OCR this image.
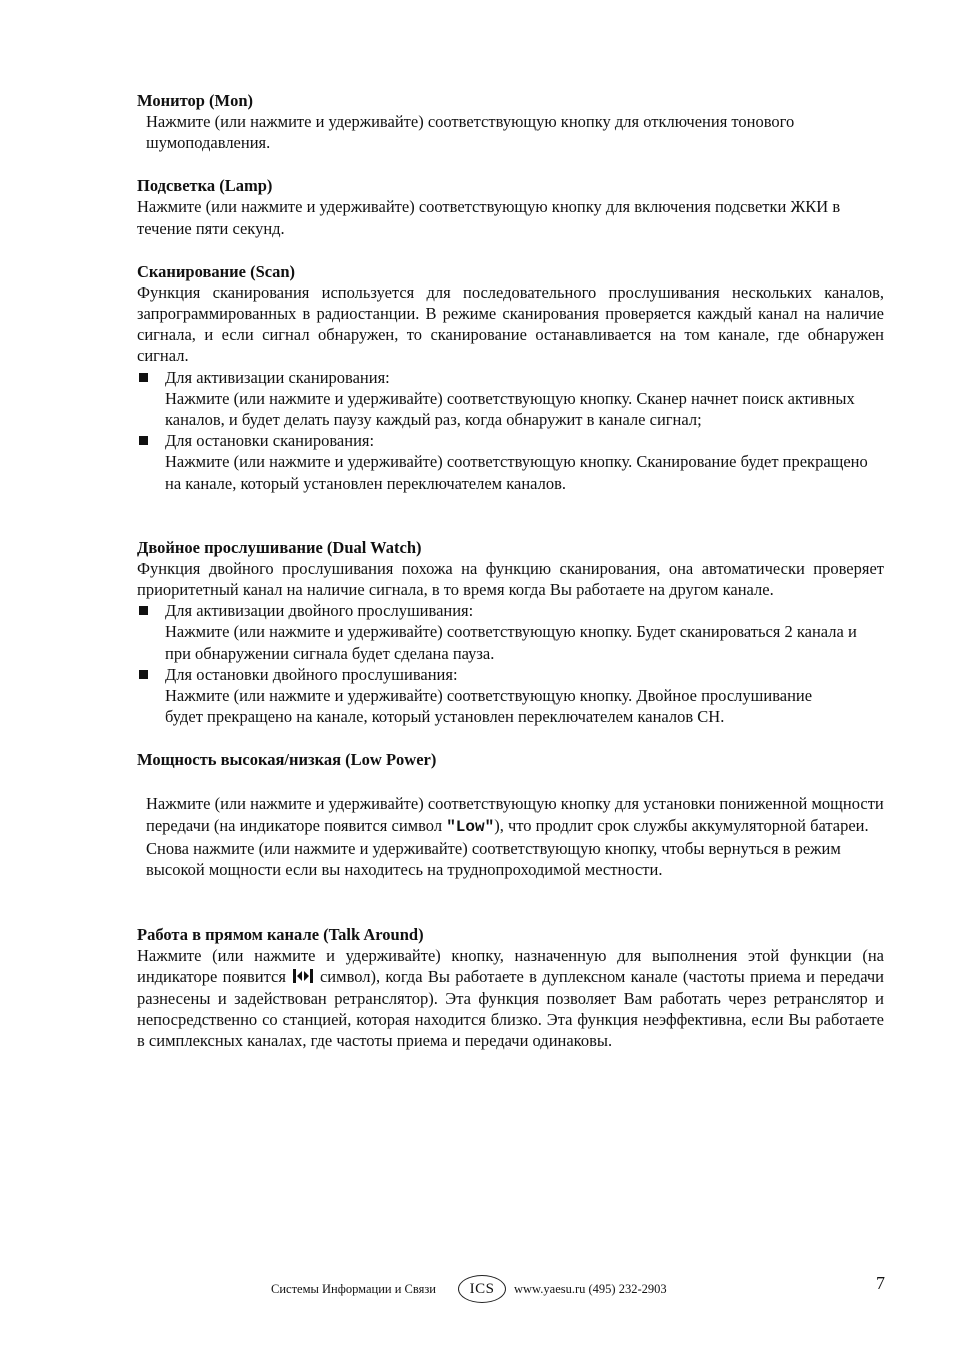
Монитор (Mon)

Нажмите (или нажмите и удерживайте) соответствующую кнопку для отключения тонового шумоподавления.

Подсветка (Lamp)

Нажмите (или нажмите и удерживайте) соответствующую кнопку для включения подсветки ЖКИ в течение пяти секунд.

Сканирование (Scan)

Функция сканирования используется для последовательного прослушивания нескольких каналов, запрограммированных в радиостанции. В режиме сканирования проверяется каждый канал на наличие сигнала, и если сигнал обнаружен, то сканирование останавливается на том канале, где обнаружен сигнал.

Для активизации сканирования:

Нажмите (или нажмите и удерживайте) соответствующую кнопку. Сканер начнет поиск активных каналов, и будет делать паузу каждый раз, когда обнаружит в канале сигнал;

Для остановки сканирования:

Нажмите (или нажмите и удерживайте) соответствующую кнопку. Сканирование будет прекращено на канале, который установлен переключателем каналов.

Двойное прослушивание (Dual Watch)

Функция двойного прослушивания похожа на функцию сканирования, она автоматически проверяет приоритетный канал на наличие сигнала, в то время когда Вы работаете на другом канале.

Для активизации двойного прослушивания:

Нажмите (или нажмите и удерживайте) соответствующую кнопку. Будет сканироваться 2 канала и при обнаружении сигнала будет сделана пауза.

Для остановки двойного прослушивания:

Нажмите (или нажмите и удерживайте) соответствующую кнопку. Двойное прослушивание будет прекращено на канале, который установлен переключателем каналов CH.

Мощность высокая/низкая (Low Power)

Нажмите (или нажмите и удерживайте) соответствующую кнопку для установки пониженной мощности передачи (на индикаторе появится символ "Low"), что продлит срок службы аккумуляторной батареи. Снова нажмите (или нажмите и удерживайте) соответствующую кнопку, чтобы вернуться в режим высокой мощности если вы находитесь на труднопроходимой местности.

Работа в прямом канале (Talk Around)

Нажмите (или нажмите и удерживайте) кнопку, назначенную для выполнения этой функции (на индикаторе появится символ), когда Вы работаете в дуплексном канале (частоты приема и передачи разнесены и задействован ретранслятор). Эта функция позволяет Вам работать через ретранслятор и непосредственно со станцией, которая находится близко. Эта функция неэффективна, если Вы работаете в симплексных каналах, где частоты приема и передачи одинаковы.

Системы Информации и Связи	ICS	www.yaesu.ru (495) 232-2903	7
